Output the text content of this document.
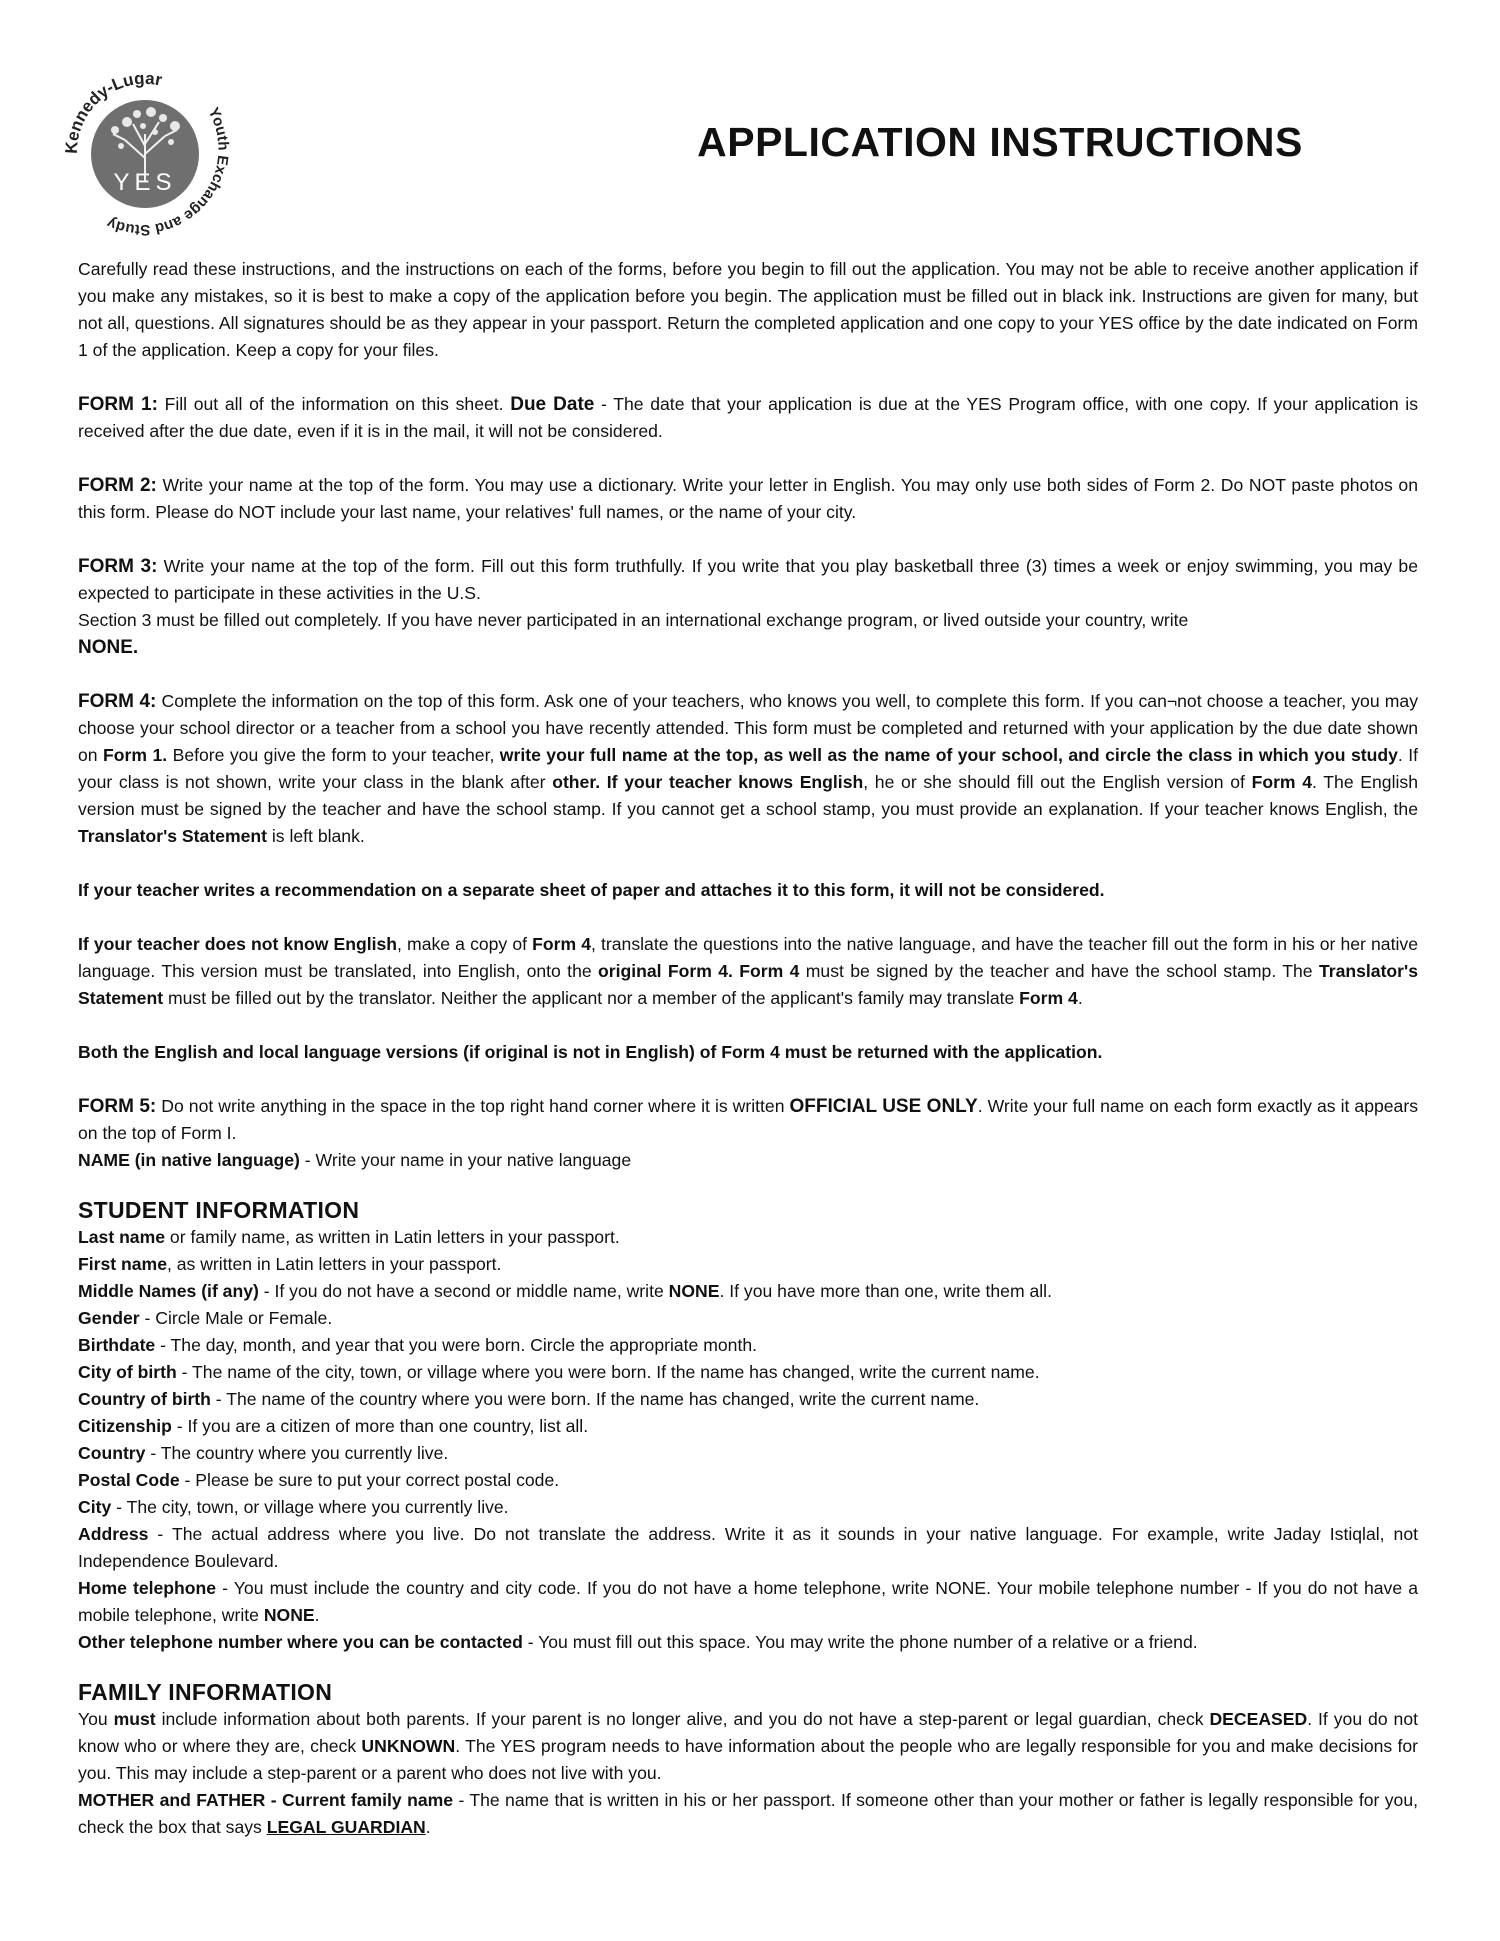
YES
Kennedy-Lugar
Youth Exchange and Study
APPLICATION INSTRUCTIONS

Carefully read these instructions, and the instructions on each of the forms, before you begin to fill out the application. You may not be able to receive another application if you make any mistakes, so it is best to make a copy of the application before you begin. The application must be filled out in black ink. Instructions are given for many, but not all, questions. All signatures should be as they appear in your passport. Return the completed application and one copy to your YES office by the date indicated on Form 1 of the application. Keep a copy for your files.

FORM 1: Fill out all of the information on this sheet. Due Date - The date that your application is due at the YES Program office, with one copy. If your application is received after the due date, even if it is in the mail, it will not be considered.

FORM 2: Write your name at the top of the form. You may use a dictionary. Write your letter in English. You may only use both sides of Form 2. Do NOT paste photos on this form. Please do NOT include your last name, your relatives' full names, or the name of your city.

FORM 3: Write your name at the top of the form. Fill out this form truthfully. If you write that you play basketball three (3) times a week or enjoy swimming, you may be expected to participate in these activities in the U.S.

Section 3 must be filled out completely. If you have never participated in an international exchange program, or lived outside your country, write

NONE.

FORM 4: Complete the information on the top of this form. Ask one of your teachers, who knows you well, to complete this form. If you can¬not choose a teacher, you may choose your school director or a teacher from a school you have recently attended. This form must be completed and returned with your application by the due date shown on Form 1. Before you give the form to your teacher, write your full name at the top, as well as the name of your school, and circle the class in which you study. If your class is not shown, write your class in the blank after other. If your teacher knows English, he or she should fill out the English version of Form 4. The English version must be signed by the teacher and have the school stamp. If you cannot get a school stamp, you must provide an explanation. If your teacher knows English, the Translator's Statement is left blank.

If your teacher writes a recommendation on a separate sheet of paper and attaches it to this form, it will not be considered.

If your teacher does not know English, make a copy of Form 4, translate the questions into the native language, and have the teacher fill out the form in his or her native language. This version must be translated, into English, onto the original Form 4. Form 4 must be signed by the teacher and have the school stamp. The Translator's Statement must be filled out by the translator. Neither the applicant nor a member of the applicant's family may translate Form 4.

Both the English and local language versions (if original is not in English) of Form 4 must be returned with the application.

FORM 5: Do not write anything in the space in the top right hand corner where it is written OFFICIAL USE ONLY. Write your full name on each form exactly as it appears on the top of Form I.

NAME (in native language) - Write your name in your native language

STUDENT INFORMATION

Last name or family name, as written in Latin letters in your passport.

First name, as written in Latin letters in your passport.

Middle Names (if any) - If you do not have a second or middle name, write NONE. If you have more than one, write them all.

Gender - Circle Male or Female.

Birthdate - The day, month, and year that you were born. Circle the appropriate month.

City of birth - The name of the city, town, or village where you were born. If the name has changed, write the current name.

Country of birth - The name of the country where you were born. If the name has changed, write the current name.

Citizenship - If you are a citizen of more than one country, list all.

Country - The country where you currently live.

Postal Code - Please be sure to put your correct postal code.

City - The city, town, or village where you currently live.

Address - The actual address where you live. Do not translate the address. Write it as it sounds in your native language. For example, write Jaday Istiqlal, not Independence Boulevard.

Home telephone - You must include the country and city code. If you do not have a home telephone, write NONE. Your mobile telephone number - If you do not have a mobile telephone, write NONE.

Other telephone number where you can be contacted - You must fill out this space. You may write the phone number of a relative or a friend.

FAMILY INFORMATION

You must include information about both parents. If your parent is no longer alive, and you do not have a step-parent or legal guardian, check DECEASED. If you do not know who or where they are, check UNKNOWN. The YES program needs to have information about the people who are legally responsible for you and make decisions for you. This may include a step-parent or a parent who does not live with you.

MOTHER and FATHER - Current family name - The name that is written in his or her passport. If someone other than your mother or father is legally responsible for you, check the box that says LEGAL GUARDIAN.
